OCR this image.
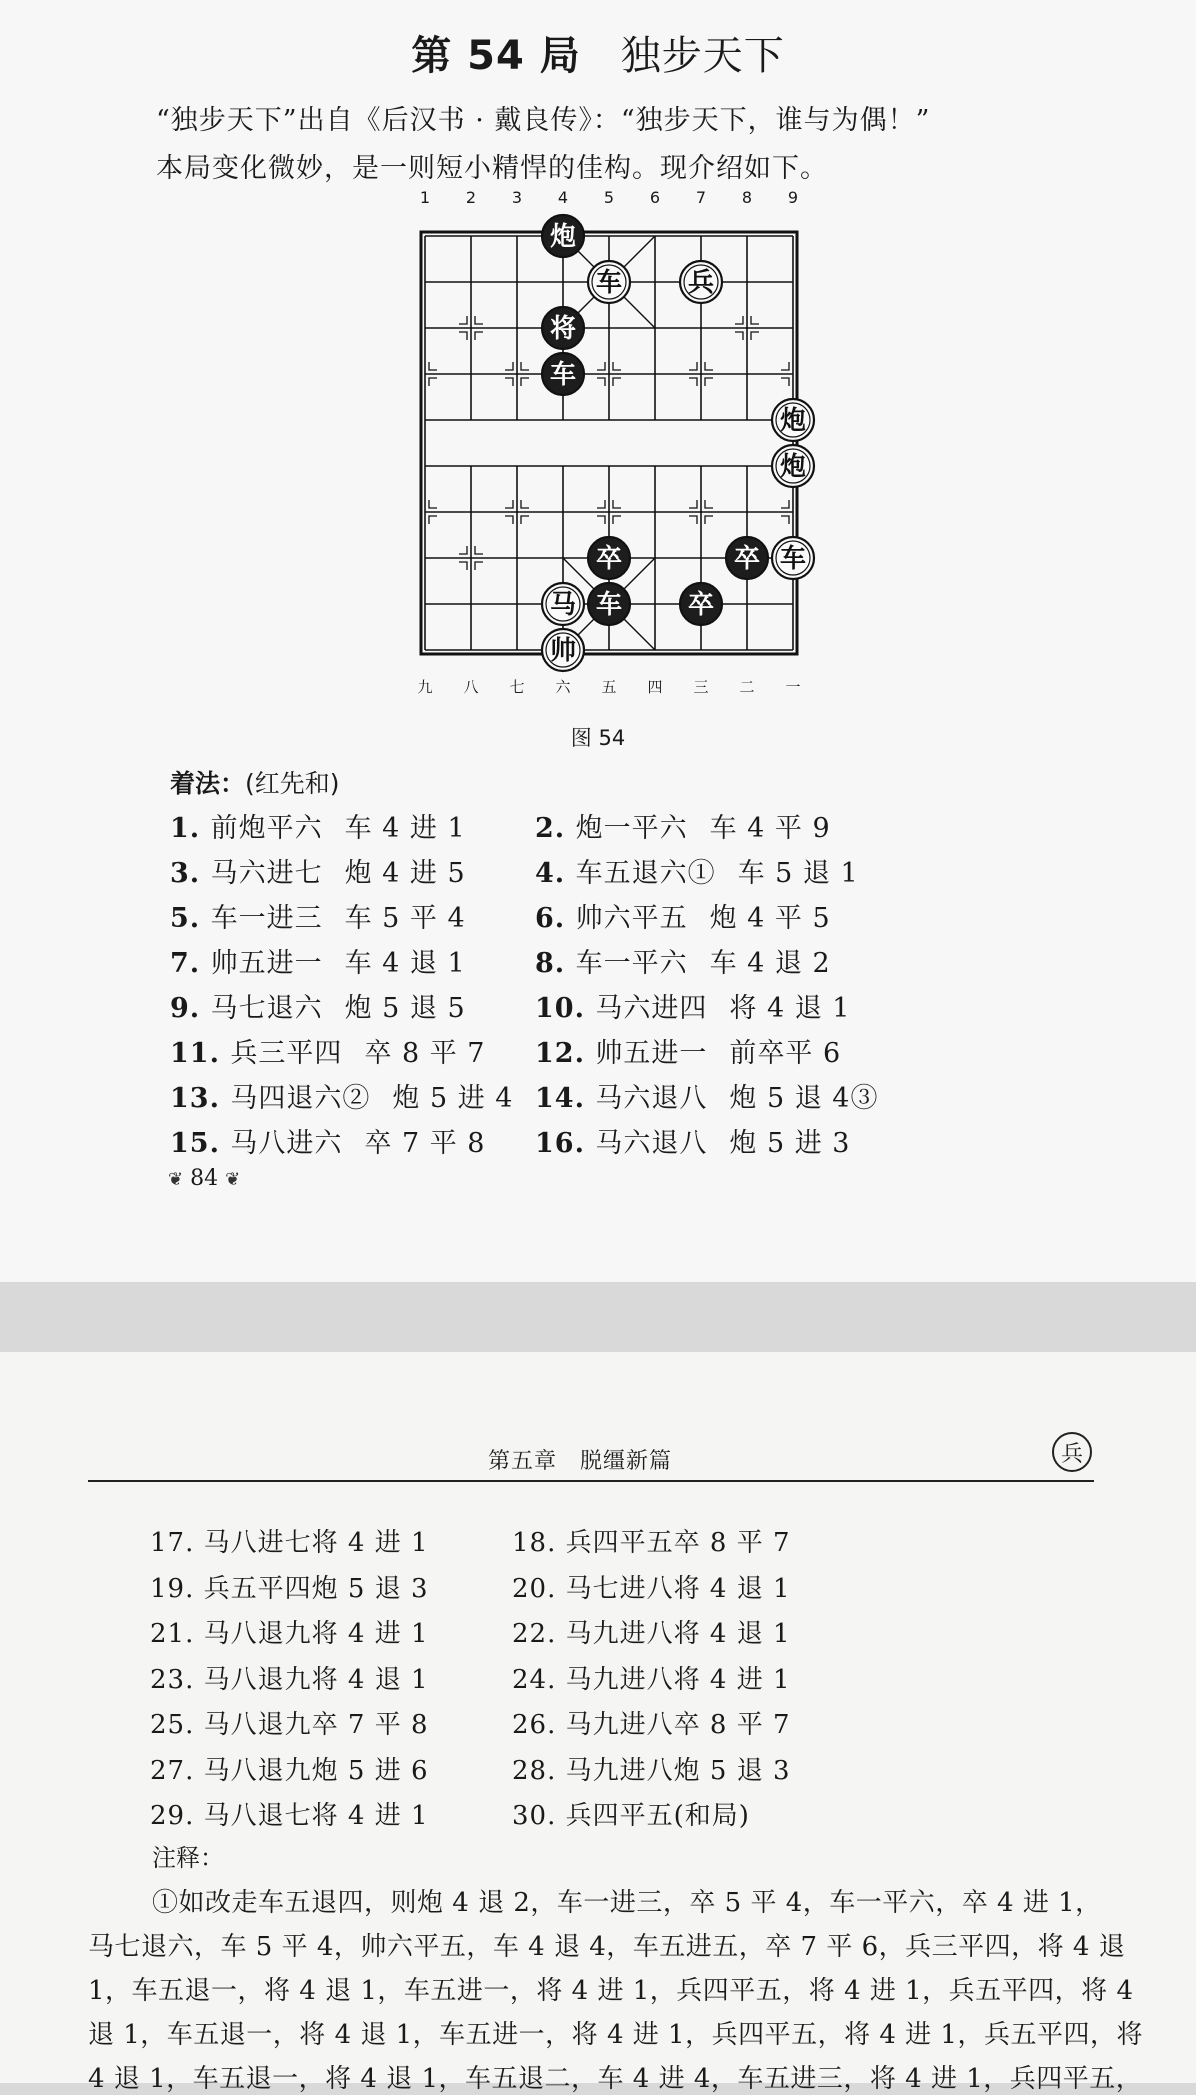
第 54 局 独步天下
“独步天下”出自《后汉书 · 戴良传》：“独步天下，谁与为偶！”
本局变化微妙，是一则短小精悍的佳构。现介绍如下。
1 2 3 4 5 6 7 8 9
炮
车	兵
将
车
炮
炮
卒	卒 车
马 车	卒
帅
九 八 七 六 五 四 三 二 一
图 54
着法：(红先和)
1. 前炮平六 车 4 进 1	2. 炮一平六 车 4 平 9
3. 马六进七 炮 4 进 5	4. 车五退六① 车 5 退 1
5. 车一进三 车 5 平 4	6. 帅六平五 炮 4 平 5
7. 帅五进一 车 4 退 1	8. 车一平六 车 4 退 2
9. 马七退六 炮 5 退 5	10. 马六进四 将 4 退 1
11. 兵三平四 卒 8 平 7 12. 帅五进一 前卒平 6
13. 马四退六② 炮 5 进 4 14. 马六退八 炮 5 退 4③
15. 马八进六 卒 7 平 8 16. 马六退八 炮 5 进 3
❦ 84 ❦
第五章　脱缰新篇	兵
17. 马八进七将 4 进 1	18. 兵四平五卒 8 平 7
19. 兵五平四炮 5 退 3	20. 马七进八将 4 退 1
21. 马八退九将 4 进 1	22. 马九进八将 4 退 1
23. 马八退九将 4 退 1	24. 马九进八将 4 进 1
25. 马八退九卒 7 平 8	26. 马九进八卒 8 平 7
27. 马八退九炮 5 进 6	28. 马九进八炮 5 退 3
29. 马八退七将 4 进 1	30. 兵四平五(和局)
注释：
①如改走车五退四，则炮 4 退 2，车一进三，卒 5 平 4，车一平六，卒 4 进 1，
马七退六，车 5 平 4，帅六平五，车 4 退 4，车五进五，卒 7 平 6，兵三平四，将 4 退
1，车五退一，将 4 退 1，车五进一，将 4 进 1，兵四平五，将 4 进 1，兵五平四，将 4
退 1，车五退一，将 4 退 1，车五进一，将 4 进 1，兵四平五，将 4 进 1，兵五平四，将
4 退 1，车五退一，将 4 退 1，车五退二，车 4 进 4，车五进三，将 4 进 1，兵四平五，
